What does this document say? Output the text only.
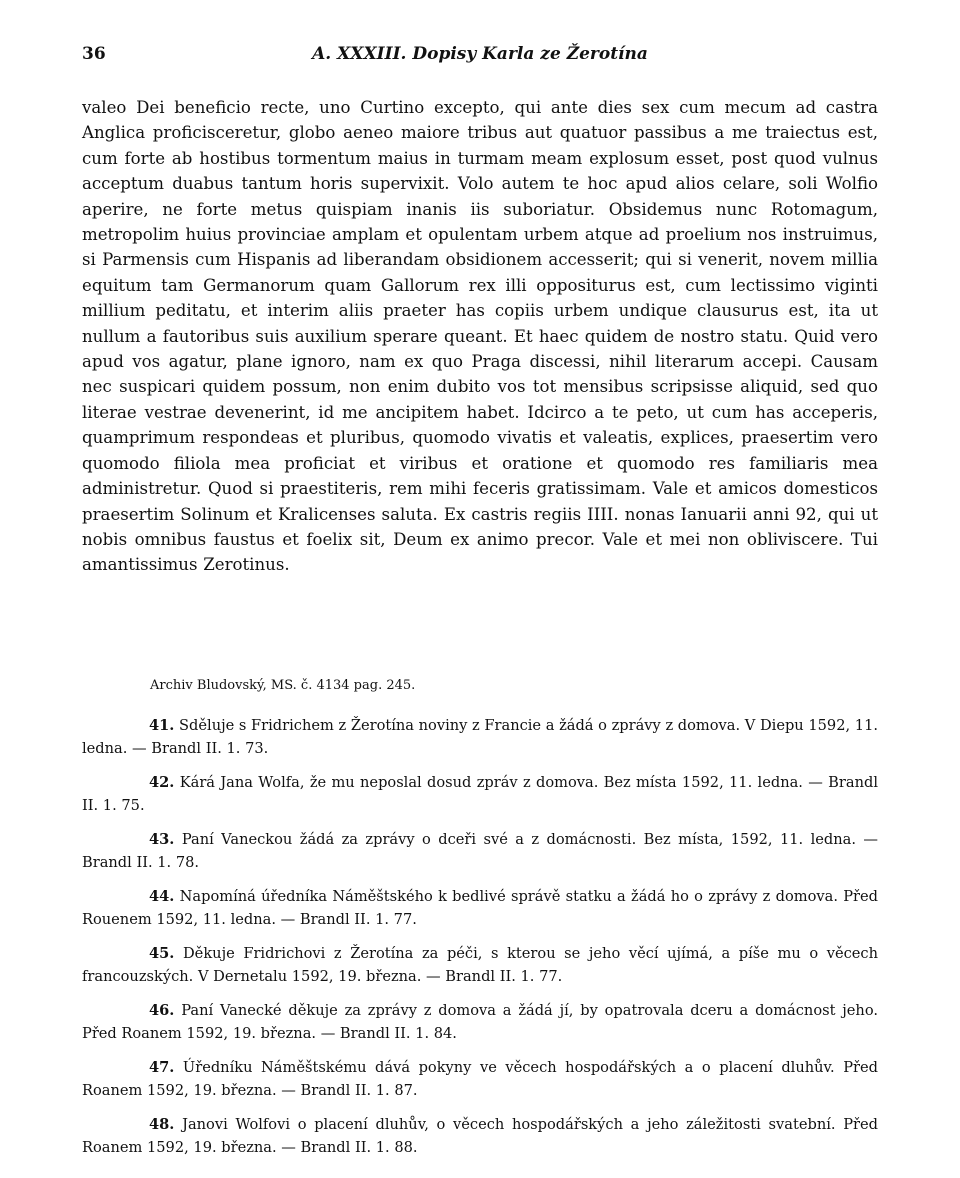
36	A. XXXIII. Dopisy Karla ze Žerotína

valeo Dei beneficio recte, uno Curtino excepto, qui ante dies sex cum mecum ad castra Anglica proficisceretur, globo aeneo maiore tribus aut quatuor passibus a me traiectus est, cum forte ab hostibus tormentum maius in turmam meam explosum esset, post quod vulnus acceptum duabus tantum horis supervixit. Volo autem te hoc apud alios celare, soli Wolfio aperire, ne forte metus quispiam inanis iis suboriatur. Obsidemus nunc Rotomagum, metropolim huius provinciae amplam et opulentam urbem atque ad proelium nos instruimus, si Parmensis cum Hispanis ad liberandam obsidionem accesserit; qui si venerit, novem millia equitum tam Germanorum quam Gallorum rex illi oppositurus est, cum lectissimo viginti millium peditatu, et interim aliis praeter has copiis urbem undique clausurus est, ita ut nullum a fautoribus suis auxilium sperare queant. Et haec quidem de nostro statu. Quid vero apud vos agatur, plane ignoro, nam ex quo Praga discessi, nihil literarum accepi. Causam nec suspicari quidem possum, non enim dubito vos tot mensibus scripsisse aliquid, sed quo literae vestrae devenerint, id me ancipitem habet. Idcirco a te peto, ut cum has acceperis, quamprimum respondeas et pluribus, quomodo vivatis et valeatis, explices, praesertim vero quomodo filiola mea proficiat et viribus et oratione et quomodo res familiaris mea administretur. Quod si praestiteris, rem mihi feceris gratissimam. Vale et amicos domesticos praesertim Solinum et Kralicenses saluta. Ex castris regiis IIII. nonas Ianuarii anni 92, qui ut nobis omnibus faustus et foelix sit, Deum ex animo precor. Vale et mei non obliviscere. Tui amantissimus Zerotinus.

Archiv Bludovský, MS. č. 4134 pag. 245.

41. Sděluje s Fridrichem z Žerotína noviny z Francie a žádá o zprávy z domova. V Diepu 1592, 11. ledna. — Brandl II. 1. 73.

42. Kárá Jana Wolfa, že mu neposlal dosud zpráv z domova. Bez místa 1592, 11. ledna. — Brandl II. 1. 75.

43. Paní Vaneckou žádá za zprávy o dceři své a z domácnosti. Bez místa, 1592, 11. ledna. — Brandl II. 1. 78.

44. Napomíná úředníka Náměštského k bedlivé správě statku a žádá ho o zprávy z domova. Před Rouenem 1592, 11. ledna. — Brandl II. 1. 77.

45. Děkuje Fridrichovi z Žerotína za péči, s kterou se jeho věcí ujímá, a píše mu o věcech francouzských. V Dernetalu 1592, 19. března. — Brandl II. 1. 77.

46. Paní Vanecké děkuje za zprávy z domova a žádá jí, by opatrovala dceru a domácnost jeho. Před Roanem 1592, 19. března. — Brandl II. 1. 84.

47. Úředníku Náměštskému dává pokyny ve věcech hospodářských a o placení dluhův. Před Roanem 1592, 19. března. — Brandl II. 1. 87.

48. Janovi Wolfovi o placení dluhův, o věcech hospodářských a jeho záležitosti svatební. Před Roanem 1592, 19. března. — Brandl II. 1. 88.
